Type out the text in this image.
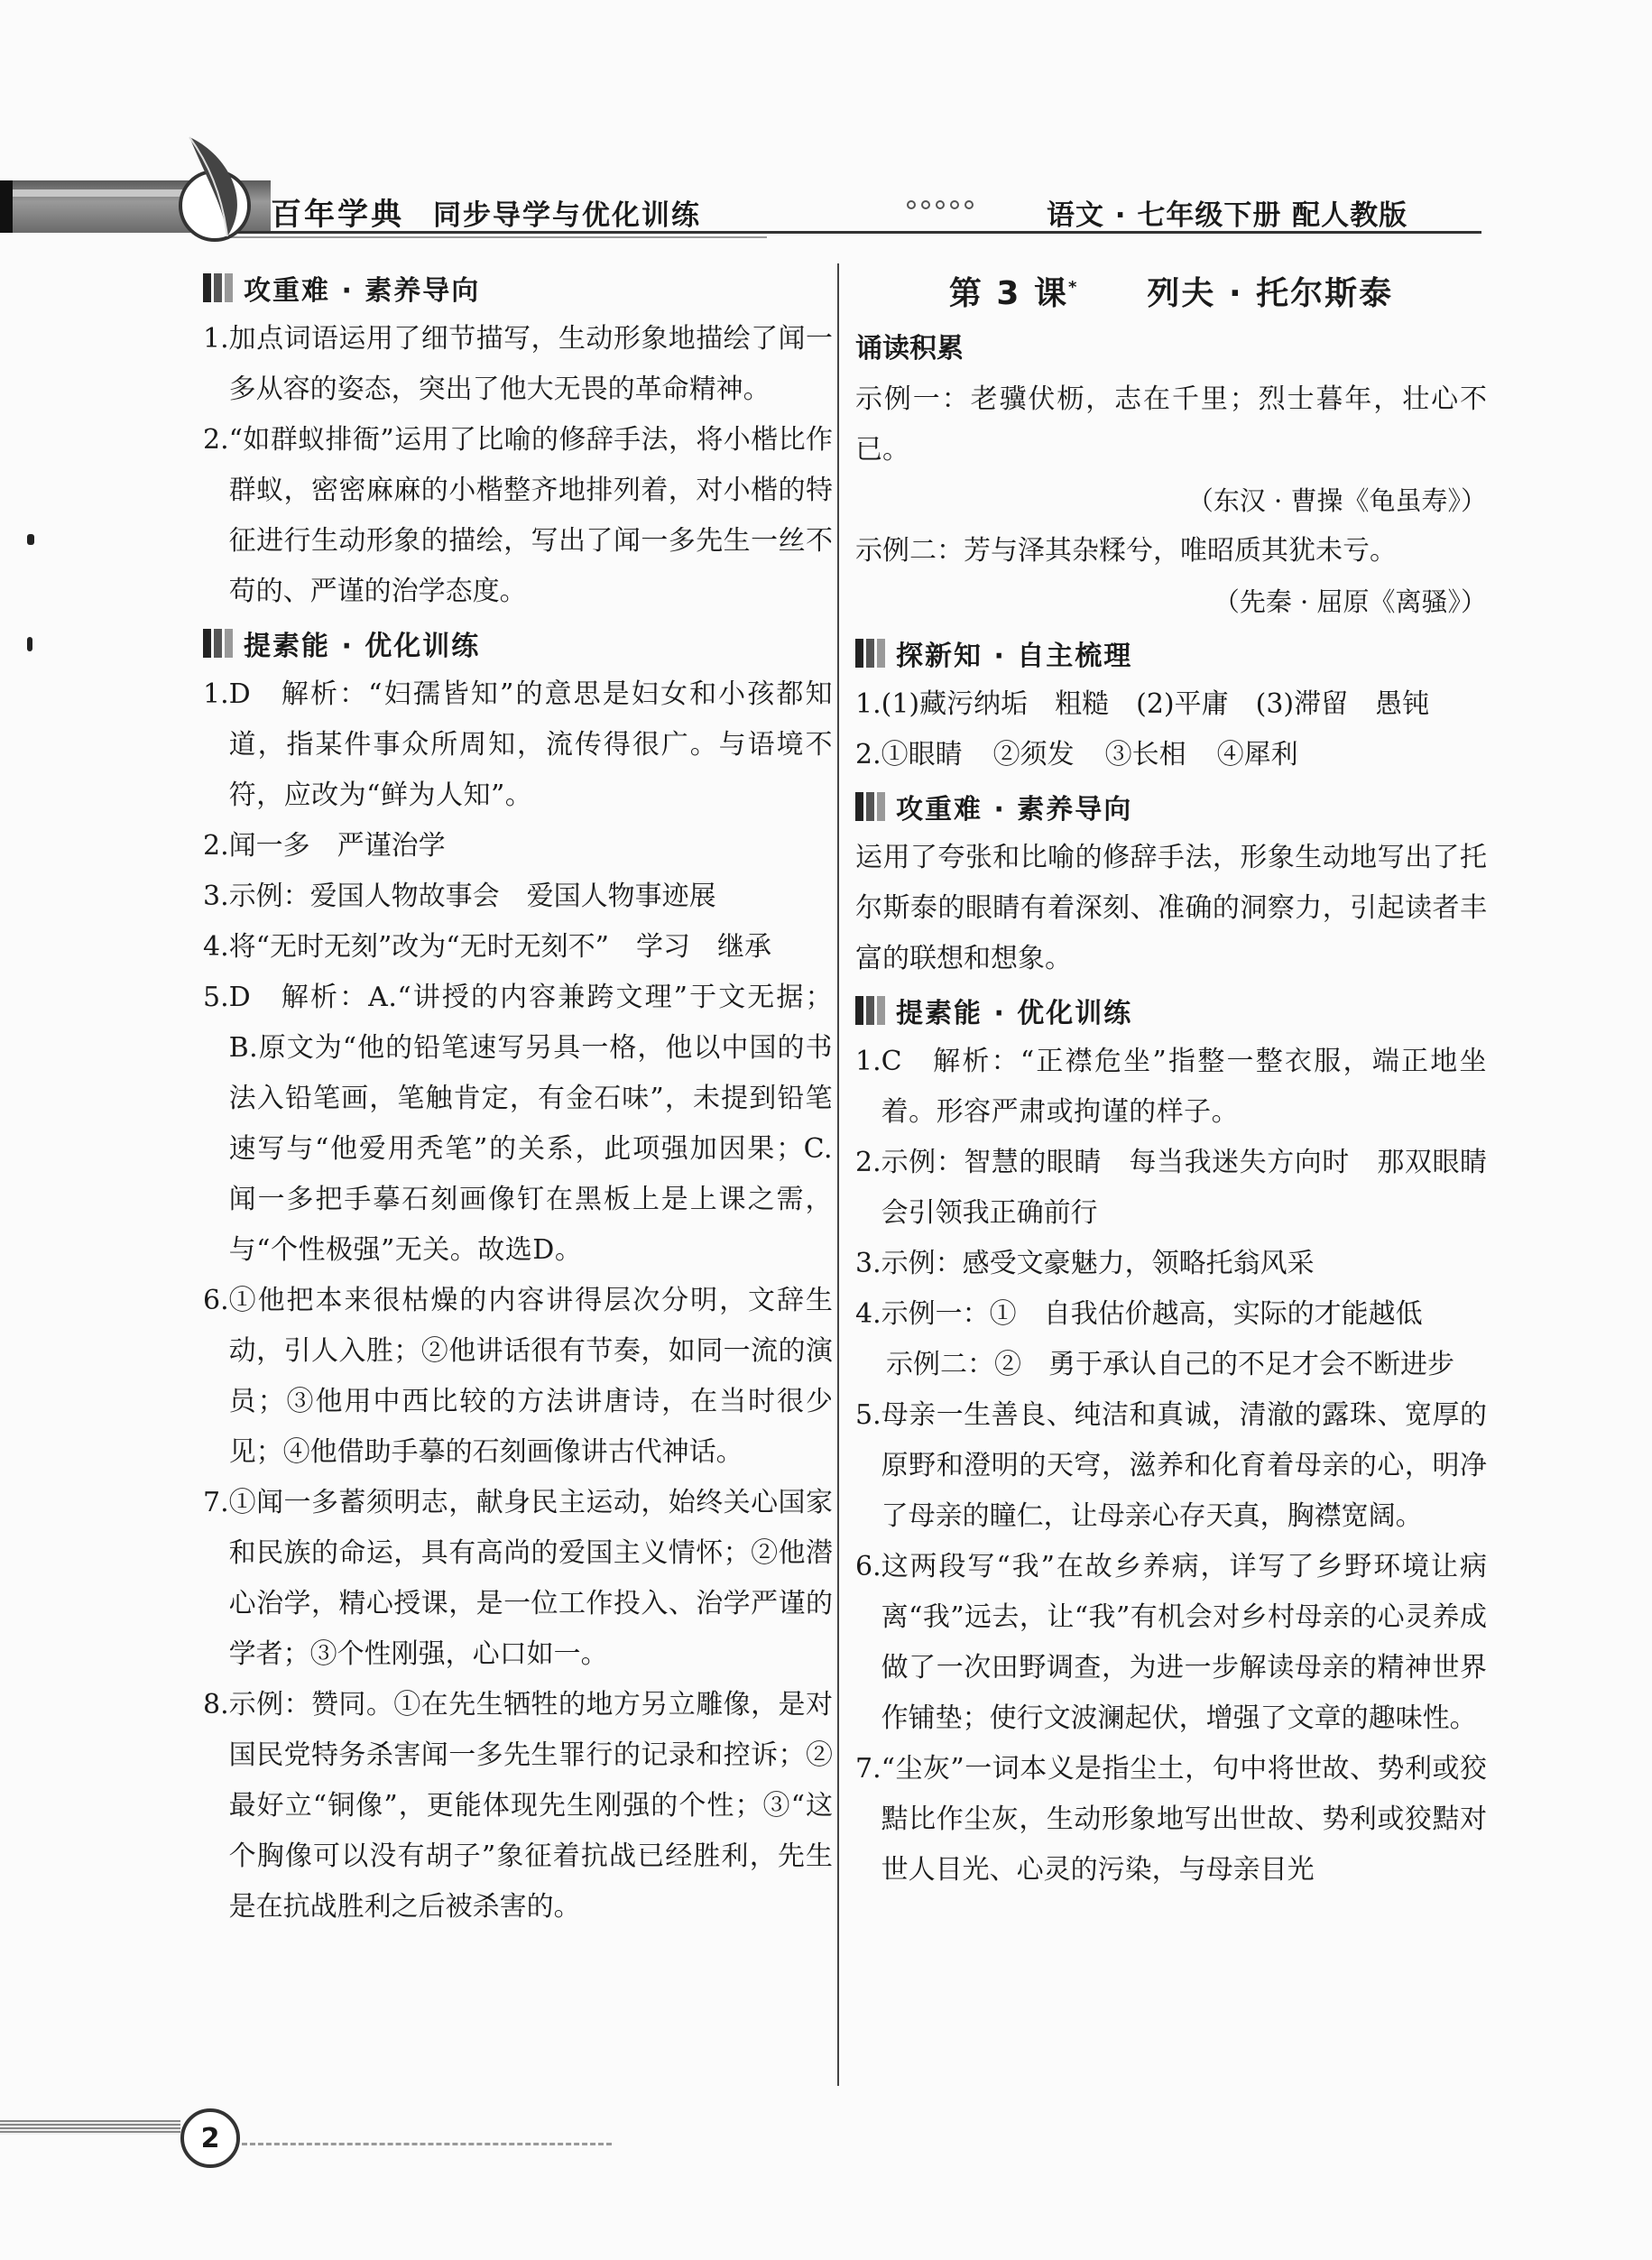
百年学典 同步导学与优化训练	语文 · 七年级下册 配人教版
攻重难 · 素养导向
1. 加点词语运用了细节描写，生动形象地描绘了闻一多从容的姿态，突出了他大无畏的革命精神。
2. “如群蚁排衙”运用了比喻的修辞手法，将小楷比作群蚁，密密麻麻的小楷整齐地排列着，对小楷的特征进行生动形象的描绘，写出了闻一多先生一丝不苟的、严谨的治学态度。
提素能 · 优化训练
1. D　解析：“妇孺皆知”的意思是妇女和小孩都知道，指某件事众所周知，流传得很广。与语境不符，应改为“鲜为人知”。
2. 闻一多　严谨治学
3. 示例：爱国人物故事会　爱国人物事迹展
4. 将“无时无刻”改为“无时无刻不”　学习　继承
5. D　解析：A.“讲授的内容兼跨文理”于文无据；B.原文为“他的铅笔速写另具一格，他以中国的书法入铅笔画，笔触肯定，有金石味”，未提到铅笔速写与“他爱用秃笔”的关系，此项强加因果；C.闻一多把手摹石刻画像钉在黑板上是上课之需，与“个性极强”无关。故选D。
6. ①他把本来很枯燥的内容讲得层次分明，文辞生动，引人入胜；②他讲话很有节奏，如同一流的演员；③他用中西比较的方法讲唐诗，在当时很少见；④他借助手摹的石刻画像讲古代神话。
7. ①闻一多蓄须明志，献身民主运动，始终关心国家和民族的命运，具有高尚的爱国主义情怀；②他潜心治学，精心授课，是一位工作投入、治学严谨的学者；③个性刚强，心口如一。
8. 示例：赞同。①在先生牺牲的地方另立雕像，是对国民党特务杀害闻一多先生罪行的记录和控诉；②最好立“铜像”，更能体现先生刚强的个性；③“这个胸像可以没有胡子”象征着抗战已经胜利，先生是在抗战胜利之后被杀害的。
第 3 课*　　 列夫 · 托尔斯泰
诵读积累
示例一：老骥伏枥，志在千里；烈士暮年，壮心不已。
（东汉 · 曹操《龟虽寿》）
示例二：芳与泽其杂糅兮，唯昭质其犹未亏。
（先秦 · 屈原《离骚》）
探新知 · 自主梳理
1. (1)藏污纳垢　粗糙　(2)平庸　(3)滞留　愚钝
2. ①眼睛 ②须发 ③长相 ④犀利
攻重难 · 素养导向
运用了夸张和比喻的修辞手法，形象生动地写出了托尔斯泰的眼睛有着深刻、准确的洞察力，引起读者丰富的联想和想象。
提素能 · 优化训练
1. C　解析：“正襟危坐”指整一整衣服，端正地坐着。形容严肃或拘谨的样子。
2. 示例：智慧的眼睛　每当我迷失方向时　那双眼睛会引领我正确前行
3. 示例：感受文豪魅力，领略托翁风采
4. 示例一：①　自我估价越高，实际的才能越低
示例二：②　勇于承认自己的不足才会不断进步
5. 母亲一生善良、纯洁和真诚，清澈的露珠、宽厚的原野和澄明的天穹，滋养和化育着母亲的心，明净了母亲的瞳仁，让母亲心存天真，胸襟宽阔。
6. 这两段写“我”在故乡养病，详写了乡野环境让病离“我”远去，让“我”有机会对乡村母亲的心灵养成做了一次田野调查，为进一步解读母亲的精神世界作铺垫；使行文波澜起伏，增强了文章的趣味性。
7. “尘灰”一词本义是指尘土，句中将世故、势利或狡黠比作尘灰，生动形象地写出世故、势利或狡黠对世人目光、心灵的污染，与母亲目光
2
